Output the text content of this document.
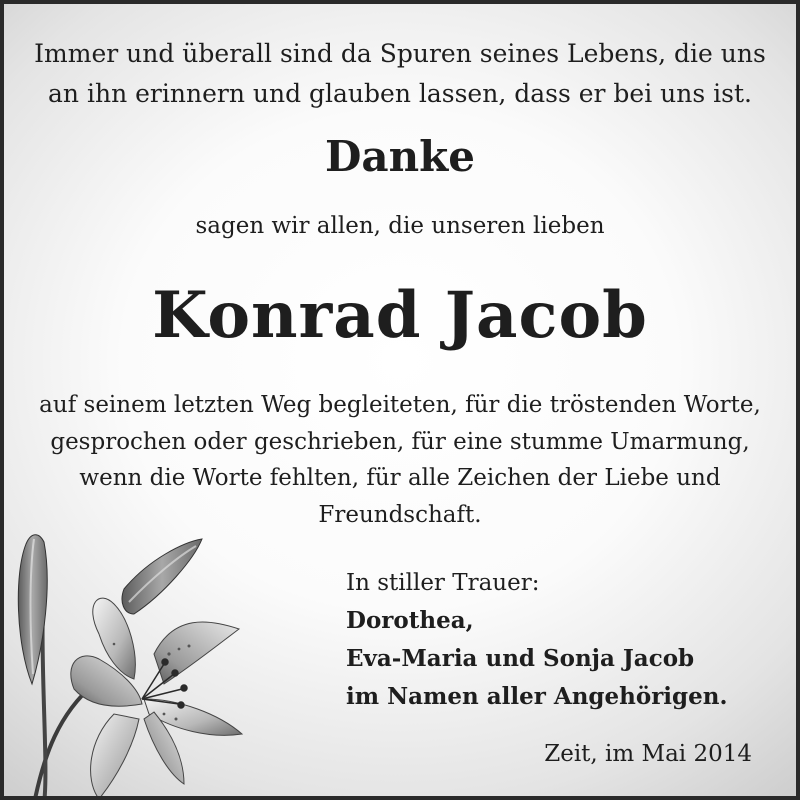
Immer und überall sind da Spuren seines Lebens, die uns
an ihn erinnern und glauben lassen, dass er bei uns ist.
Danke
sagen wir allen, die unseren lieben
Konrad Jacob
auf seinem letzten Weg begleiteten, für die tröstenden Worte,
gesprochen oder geschrieben, für eine stumme Umarmung,
wenn die Worte fehlten, für alle Zeichen der Liebe und
Freundschaft.
In stiller Trauer:
Dorothea,
Eva-Maria und Sonja Jacob
im Namen aller Angehörigen.
Zeit, im Mai 2014
